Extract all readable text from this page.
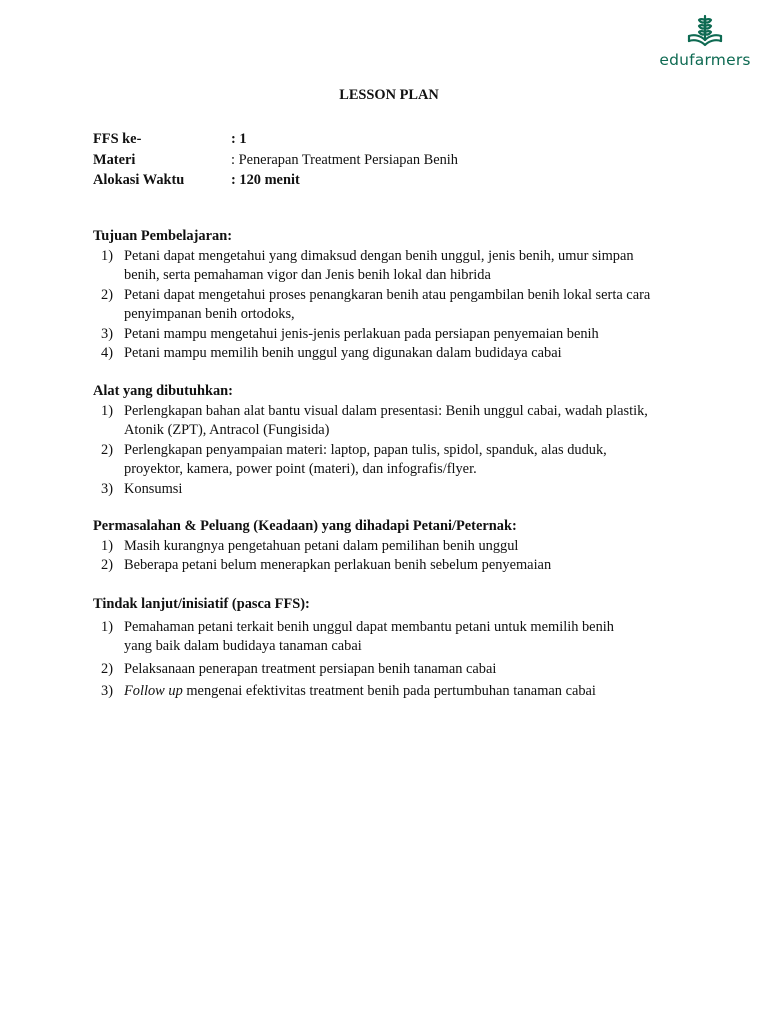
edufarmers
LESSON PLAN
FFS ke-	: 1
Materi	: Penerapan Treatment Persiapan Benih
Alokasi Waktu	: 120 menit
Tujuan Pembelajaran:
1) Petani dapat mengetahui yang dimaksud dengan benih unggul, jenis benih, umur simpan
benih, serta pemahaman vigor dan Jenis benih lokal dan hibrida
2) Petani dapat mengetahui proses penangkaran benih atau pengambilan benih lokal serta cara
penyimpanan benih ortodoks,
3) Petani mampu mengetahui jenis-jenis perlakuan pada persiapan penyemaian benih
4) Petani mampu memilih benih unggul yang digunakan dalam budidaya cabai
Alat yang dibutuhkan:
1) Perlengkapan bahan alat bantu visual dalam presentasi: Benih unggul cabai, wadah plastik,
Atonik (ZPT), Antracol (Fungisida)
2) Perlengkapan penyampaian materi: laptop, papan tulis, spidol, spanduk, alas duduk,
proyektor, kamera, power point (materi), dan infografis/flyer.
3) Konsumsi
Permasalahan & Peluang (Keadaan) yang dihadapi Petani/Peternak:
1) Masih kurangnya pengetahuan petani dalam pemilihan benih unggul
2) Beberapa petani belum menerapkan perlakuan benih sebelum penyemaian
Tindak lanjut/inisiatif (pasca FFS):
1) Pemahaman petani terkait benih unggul dapat membantu petani untuk memilih benih
yang baik dalam budidaya tanaman cabai
2) Pelaksanaan penerapan treatment persiapan benih tanaman cabai
3) Follow up mengenai efektivitas treatment benih pada pertumbuhan tanaman cabai
